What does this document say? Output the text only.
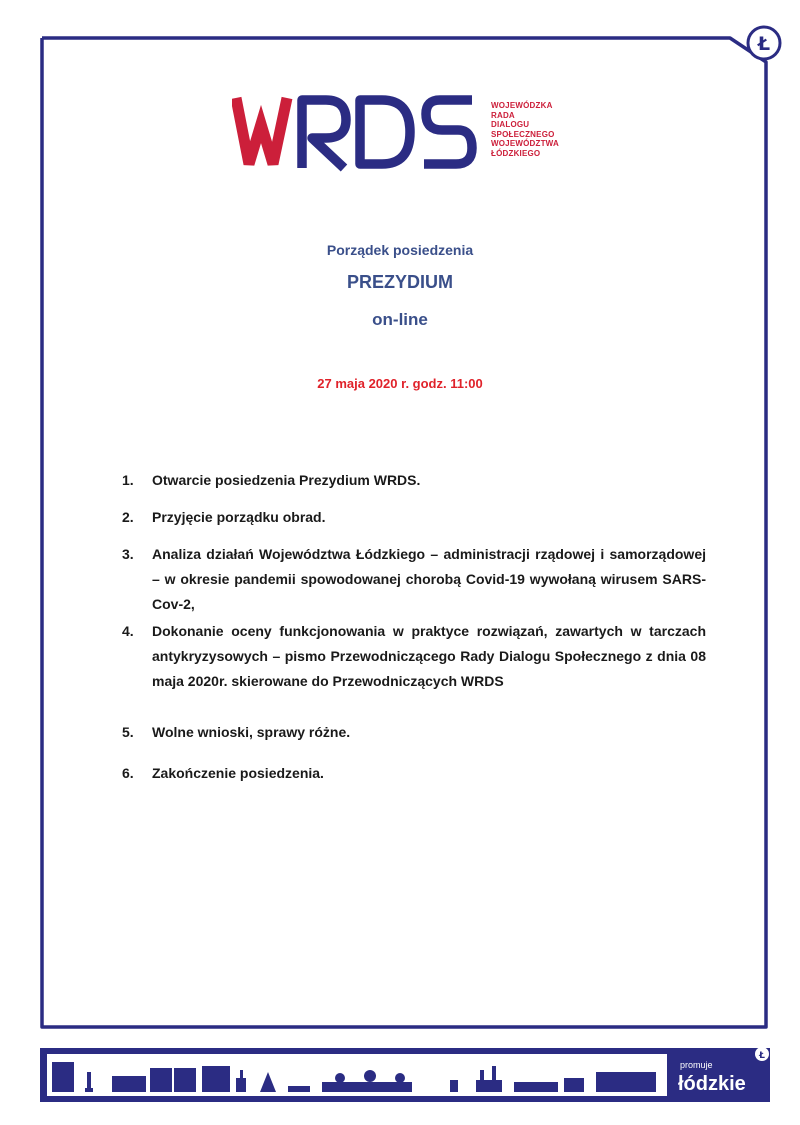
Ł
WOJEWÓDZKA
RADA
DIALOGU
SPOŁECZNEGO
WOJEWÓDZTWA
ŁÓDZKIEGO
Porządek posiedzenia
PREZYDIUM
on-line
27 maja 2020 r. godz. 11:00
1. Otwarcie posiedzenia Prezydium WRDS.
2. Przyjęcie porządku obrad.
3. Analiza działań Województwa Łódzkiego – administracji rządowej i samorządowej – w okresie pandemii spowodowanej chorobą Covid-19 wywołaną wirusem SARS-Cov-2,
4. Dokonanie oceny funkcjonowania w praktyce rozwiązań, zawartych w tarczach antykryzysowych – pismo Przewodniczącego Rady Dialogu Społecznego z dnia 08 maja 2020r. skierowane do Przewodniczących WRDS
5. Wolne wnioski, sprawy różne.
6. Zakończenie posiedzenia.
promuje
łódzkie
Ł
